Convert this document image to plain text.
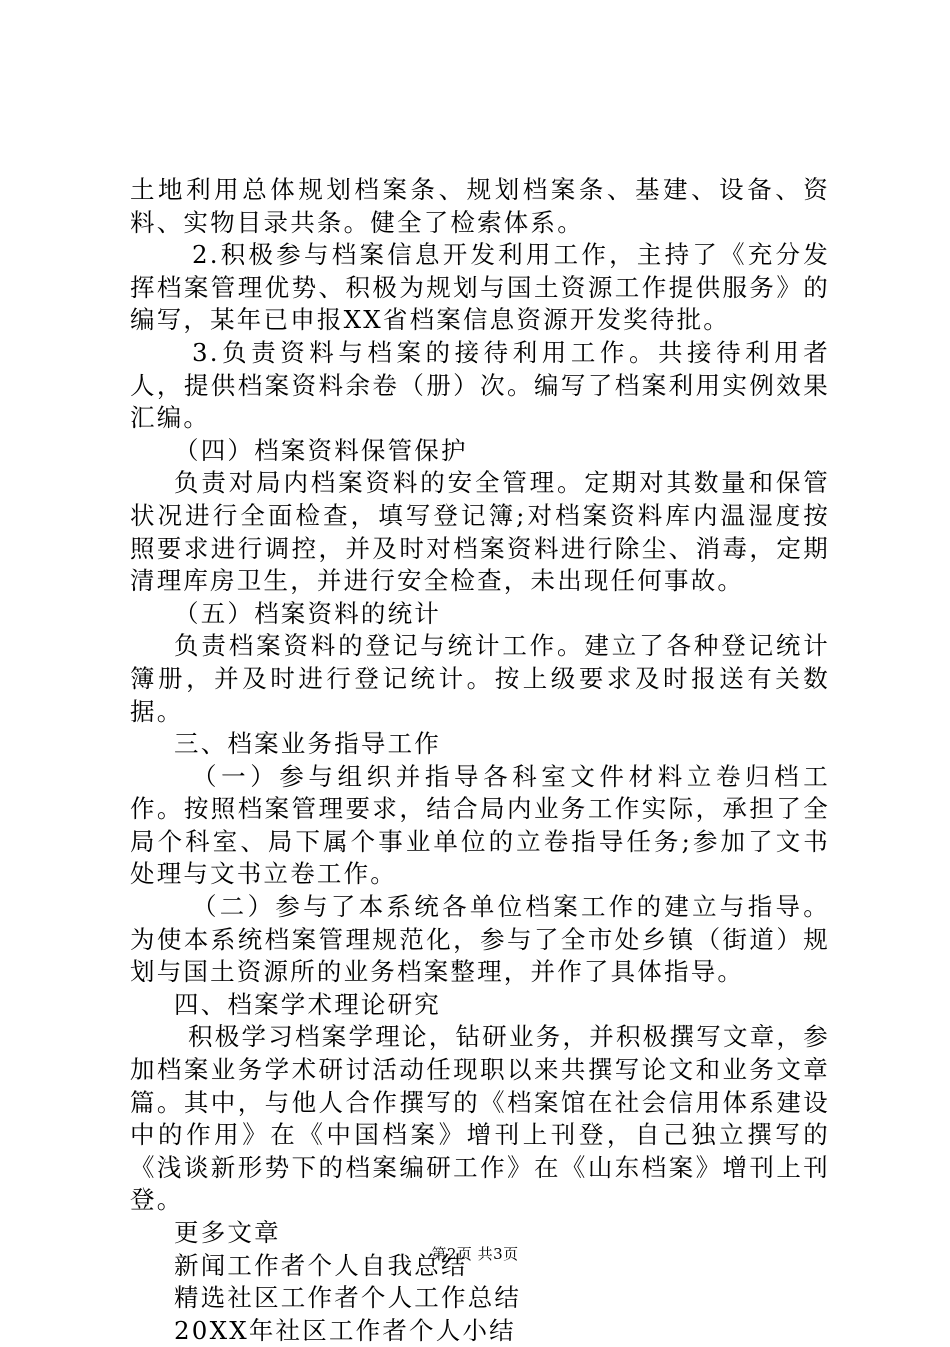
土地利用总体规划档案条、规划档案条、基建、设备、资料、实物目录共条。健全了检索体系。

2.积极参与档案信息开发利用工作，主持了《充分发挥档案管理优势、积极为规划与国土资源工作提供服务》的编写，某年已申报XX省档案信息资源开发奖待批。

3.负责资料与档案的接待利用工作。共接待利用者人，提供档案资料余卷（册）次。编写了档案利用实例效果汇编。

（四）档案资料保管保护

负责对局内档案资料的安全管理。定期对其数量和保管状况进行全面检查，填写登记簿;对档案资料库内温湿度按照要求进行调控，并及时对档案资料进行除尘、消毒，定期清理库房卫生，并进行安全检查，未出现任何事故。

（五）档案资料的统计

负责档案资料的登记与统计工作。建立了各种登记统计簿册，并及时进行登记统计。按上级要求及时报送有关数据。

三、档案业务指导工作

（一）参与组织并指导各科室文件材料立卷归档工作。按照档案管理要求，结合局内业务工作实际，承担了全局个科室、局下属个事业单位的立卷指导任务;参加了文书处理与文书立卷工作。

（二）参与了本系统各单位档案工作的建立与指导。为使本系统档案管理规范化，参与了全市处乡镇（街道）规划与国土资源所的业务档案整理，并作了具体指导。

四、档案学术理论研究

积极学习档案学理论，钻研业务，并积极撰写文章，参加档案业务学术研讨活动任现职以来共撰写论文和业务文章篇。其中，与他人合作撰写的《档案馆在社会信用体系建设中的作用》在《中国档案》增刊上刊登，自己独立撰写的《浅谈新形势下的档案编研工作》在《山东档案》增刊上刊登。

更多文章

新闻工作者个人自我总结

精选社区工作者个人工作总结

20XX年社区工作者个人小结

第2页 共3页
